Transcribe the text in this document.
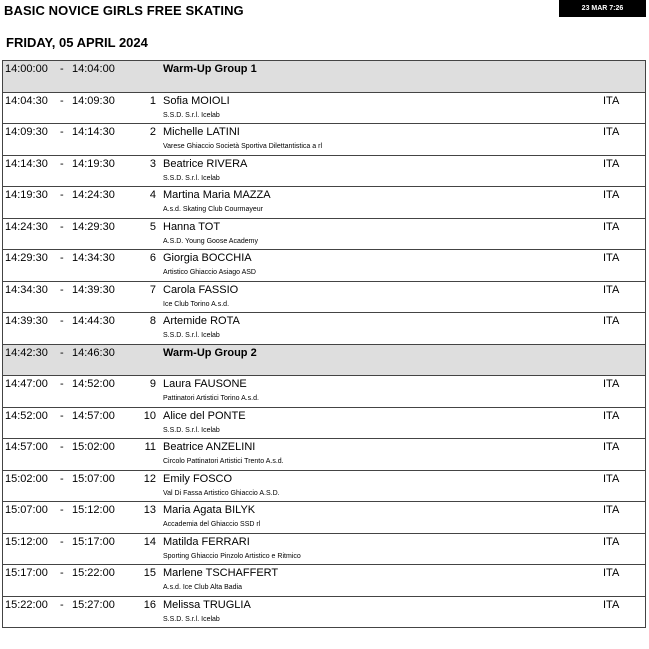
BASIC NOVICE GIRLS FREE SKATING	23 MAR 7:26
FRIDAY, 05 APRIL 2024
14:00:00 - 14:04:00	Warm-Up Group 1
14:04:30 - 14:09:30	1 Sofia MOIOLI
S.S.D. S.r.l. Icelab
ITA
14:09:30 - 14:14:30	2 Michelle LATINI
Varese Ghiaccio Società Sportiva Dilettantistica a rl
ITA
14:14:30 - 14:19:30	3 Beatrice RIVERA
S.S.D. S.r.l. Icelab
ITA
14:19:30 - 14:24:30	4 Martina Maria MAZZA
A.s.d. Skating Club Courmayeur
ITA
14:24:30 - 14:29:30	5 Hanna TOT
A.S.D. Young Goose Academy
ITA
14:29:30 - 14:34:30	6 Giorgia BOCCHIA
Artistico Ghiaccio Asiago ASD
ITA
14:34:30 - 14:39:30	7 Carola FASSIO
Ice Club Torino A.s.d.
ITA
14:39:30 - 14:44:30	8 Artemide ROTA
S.S.D. S.r.l. Icelab
ITA
14:42:30 - 14:46:30	Warm-Up Group 2
14:47:00 - 14:52:00	9 Laura FAUSONE
Pattinatori Artistici Torino A.s.d.
ITA
14:52:00 - 14:57:00	10 Alice del PONTE
S.S.D. S.r.l. Icelab
ITA
14:57:00 - 15:02:00	11 Beatrice ANZELINI
Circolo Pattinatori Artistici Trento A.s.d.
ITA
15:02:00 - 15:07:00	12 Emily FOSCO
Val Di Fassa Artistico Ghiaccio A.S.D.
ITA
15:07:00 - 15:12:00	13 Maria Agata BILYK
Accademia del Ghiaccio SSD rl
ITA
15:12:00 - 15:17:00	14 Matilda FERRARI
Sporting Ghiaccio Pinzolo Artistico e Ritmico
ITA
15:17:00 - 15:22:00	15 Marlene TSCHAFFERT
A.s.d. Ice Club Alta Badia
ITA
15:22:00 - 15:27:00	16 Melissa TRUGLIA
S.S.D. S.r.l. Icelab
ITA
